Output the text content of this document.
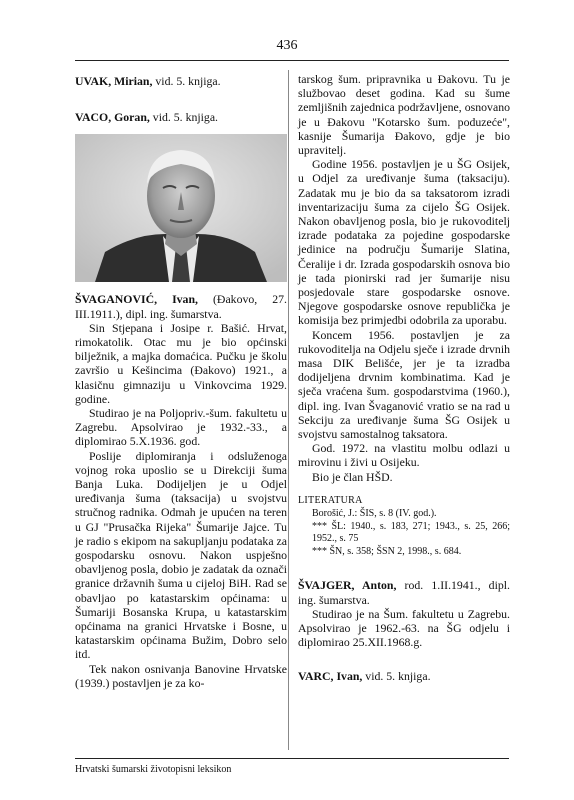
436

UVAK, Mirian, vid. 5. knjiga.

VACO, Goran, vid. 5. knjiga.

ŠVAGANOVIĆ, Ivan, (Đakovo, 27. III.1911.), dipl. ing. šumarstva.

Sin Stjepana i Josipe r. Bašić. Hrvat, rimokatolik. Otac mu je bio općinski bilježnik, a majka domaćica. Pučku je školu završio u Kešincima (Đakovo) 1921., a klasičnu gimnaziju u Vinkovcima 1929. godine.

Studirao je na Poljopriv.-šum. fakultetu u Zagrebu. Apsolvirao je 1932.-33., a diplomirao 5.X.1936. god.

Poslije diplomiranja i odsluženoga vojnog roka uposlio se u Direkciji šuma Banja Luka. Dodijeljen je u Odjel uređivanja šuma (taksacija) u svojstvu stručnog radnika. Odmah je upućen na teren u GJ "Prusačka Rijeka" Šumarije Jajce. Tu je radio s ekipom na sakupljanju podataka za gospodarsku osnovu. Nakon uspješno obavljenog posla, dobio je zadatak da označi granice državnih šuma u cijeloj BiH. Rad se obavljao po katastarskim općinama: u Šumariji Bosanska Krupa, u katastarskim općinama na granici Hrvatske i Bosne, u katastarskim općinama Bužim, Dobro selo itd.

Tek nakon osnivanja Banovine Hrvatske (1939.) postavljen je za ko-

tarskog šum. pripravnika u Đakovu. Tu je službovao deset godina. Kad su šume zemljišnih zajednica podržavljene, osnovano je u Đakovu "Kotarsko šum. poduzeće", kasnije Šumarija Đakovo, gdje je bio upravitelj.

Godine 1956. postavljen je u ŠG Osijek, u Odjel za uređivanje šuma (taksaciju). Zadatak mu je bio da sa taksatorom izradi inventarizaciju šuma za cijelo ŠG Osijek. Nakon obavljenog posla, bio je rukovoditelj izrade podataka za pojedine gospodarske jedinice na području Šumarije Slatina, Čeralije i dr. Izrada gospodarskih osnova bio je tada pionirski rad jer šumarije nisu posjedovale stare gospodarske osnove. Njegove gospodarske osnove republička je komisija bez primjedbi odobrila za uporabu.

Koncem 1956. postavljen je za rukovoditelja na Odjelu sječe i izrade drvnih masa DIK Belišće, jer je ta izradba dodijeljena drvnim kombinatima. Kad je sječa vraćena šum. gospodarstvima (1960.), dipl. ing. Ivan Švaganović vratio se na rad u Sekciju za uređivanje šuma ŠG Osijek u svojstvu samostalnog taksatora.

God. 1972. na vlastitu molbu odlazi u mirovinu i živi u Osijeku.

Bio je član HŠD.

LITERATURA
Borošić, J.: ŠIS, s. 8 (IV. god.).
*** ŠL: 1940., s. 183, 271; 1943., s. 25, 266; 1952., s. 75
*** ŠN, s. 358; ŠSN 2, 1998., s. 684.

ŠVAJGER, Anton, rod. 1.II.1941., dipl. ing. šumarstva.

Studirao je na Šum. fakultetu u Zagrebu. Apsolvirao je 1962.-63. na ŠG odjelu i diplomirao 25.XII.1968.g.

VARC, Ivan, vid. 5. knjiga.

Hrvatski šumarski životopisni leksikon
